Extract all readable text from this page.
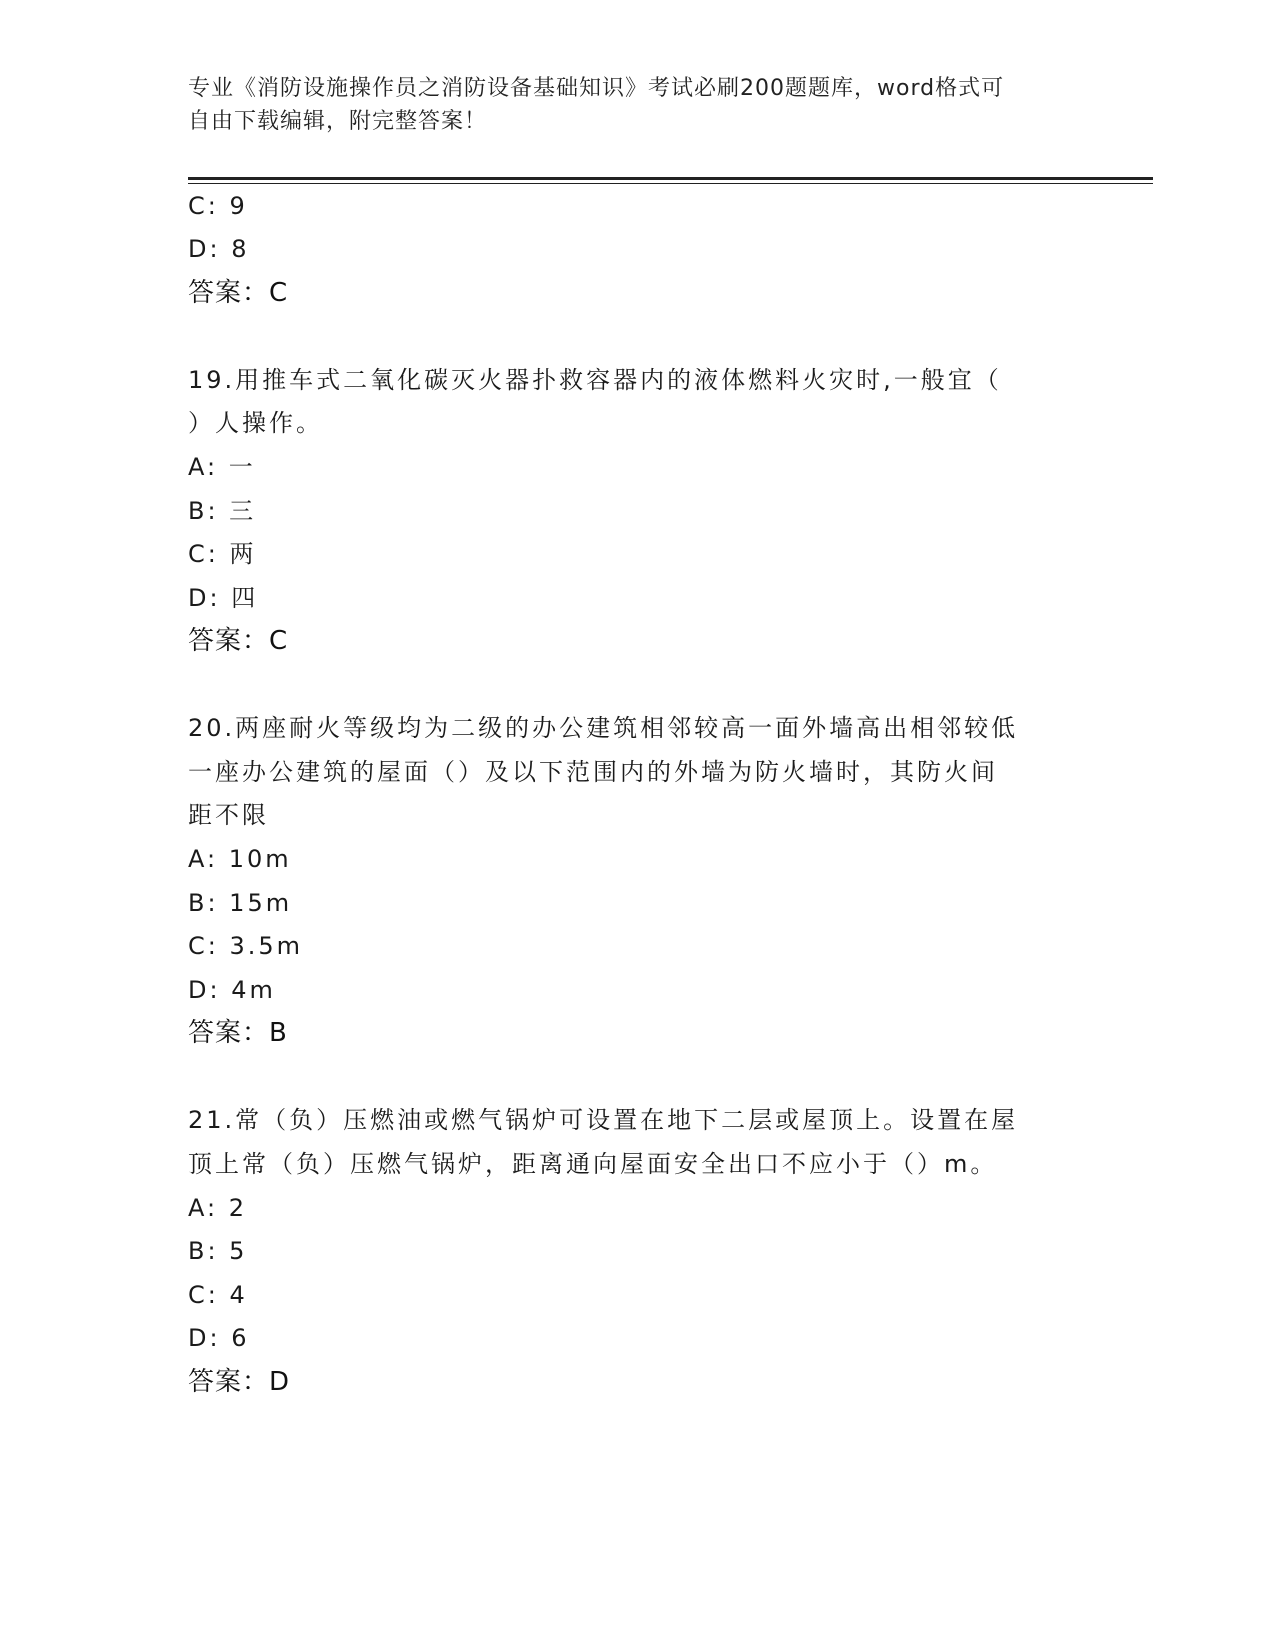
专业《消防设施操作员之消防设备基础知识》考试必刷200题题库，word格式可
自由下载编辑，附完整答案！
C: 9
D: 8
答案：C
19.用推车式二氧化碳灭火器扑救容器内的液体燃料火灾时,一般宜（
）人操作。
A: 一
B: 三
C: 两
D: 四
答案：C
20.两座耐火等级均为二级的办公建筑相邻较高一面外墙高出相邻较低
一座办公建筑的屋面（）及以下范围内的外墙为防火墙时，其防火间
距不限
A: 10m
B: 15m
C: 3.5m
D: 4m
答案：B
21.常（负）压燃油或燃气锅炉可设置在地下二层或屋顶上。设置在屋
顶上常（负）压燃气锅炉，距离通向屋面安全出口不应小于（）m。
A: 2
B: 5
C: 4
D: 6
答案：D
